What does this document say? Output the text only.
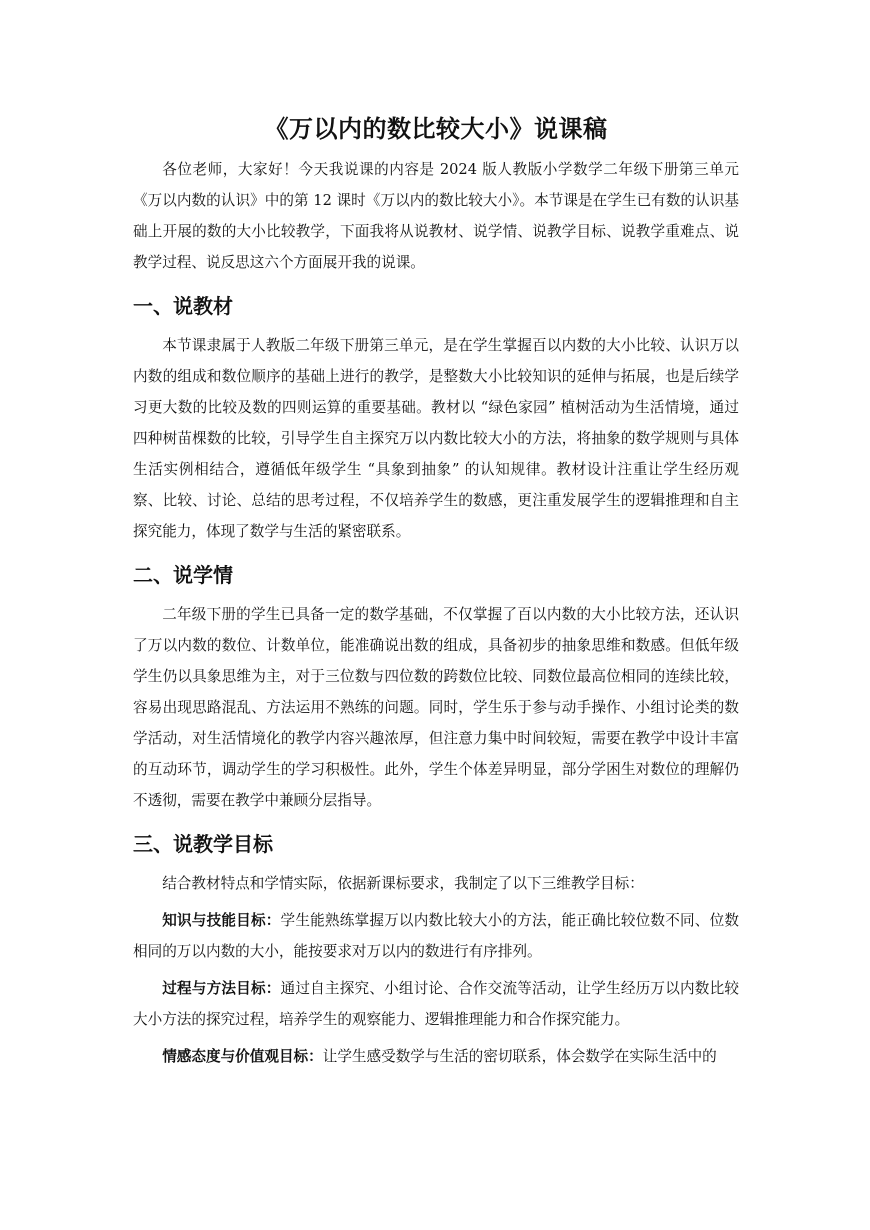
《万以内的数比较大小》说课稿

各位老师，大家好！今天我说课的内容是 2024 版人教版小学数学二年级下册第三单元《万以内数的认识》中的第 12 课时《万以内的数比较大小》。本节课是在学生已有数的认识基础上开展的数的大小比较教学，下面我将从说教材、说学情、说教学目标、说教学重难点、说教学过程、说反思这六个方面展开我的说课。

一、说教材

本节课隶属于人教版二年级下册第三单元，是在学生掌握百以内数的大小比较、认识万以内数的组成和数位顺序的基础上进行的教学，是整数大小比较知识的延伸与拓展，也是后续学习更大数的比较及数的四则运算的重要基础。教材以 “绿色家园” 植树活动为生活情境，通过四种树苗棵数的比较，引导学生自主探究万以内数比较大小的方法，将抽象的数学规则与具体生活实例相结合，遵循低年级学生 “具象到抽象” 的认知规律。教材设计注重让学生经历观察、比较、讨论、总结的思考过程，不仅培养学生的数感，更注重发展学生的逻辑推理和自主探究能力，体现了数学与生活的紧密联系。

二、说学情

二年级下册的学生已具备一定的数学基础，不仅掌握了百以内数的大小比较方法，还认识了万以内数的数位、计数单位，能准确说出数的组成，具备初步的抽象思维和数感。但低年级学生仍以具象思维为主，对于三位数与四位数的跨数位比较、同数位最高位相同的连续比较，容易出现思路混乱、方法运用不熟练的问题。同时，学生乐于参与动手操作、小组讨论类的数学活动，对生活情境化的教学内容兴趣浓厚，但注意力集中时间较短，需要在教学中设计丰富的互动环节，调动学生的学习积极性。此外，学生个体差异明显，部分学困生对数位的理解仍不透彻，需要在教学中兼顾分层指导。

三、说教学目标

结合教材特点和学情实际，依据新课标要求，我制定了以下三维教学目标：

知识与技能目标：学生能熟练掌握万以内数比较大小的方法，能正确比较位数不同、位数相同的万以内数的大小，能按要求对万以内的数进行有序排列。

过程与方法目标：通过自主探究、小组讨论、合作交流等活动，让学生经历万以内数比较大小方法的探究过程，培养学生的观察能力、逻辑推理能力和合作探究能力。

情感态度与价值观目标：让学生感受数学与生活的密切联系，体会数学在实际生活中的
